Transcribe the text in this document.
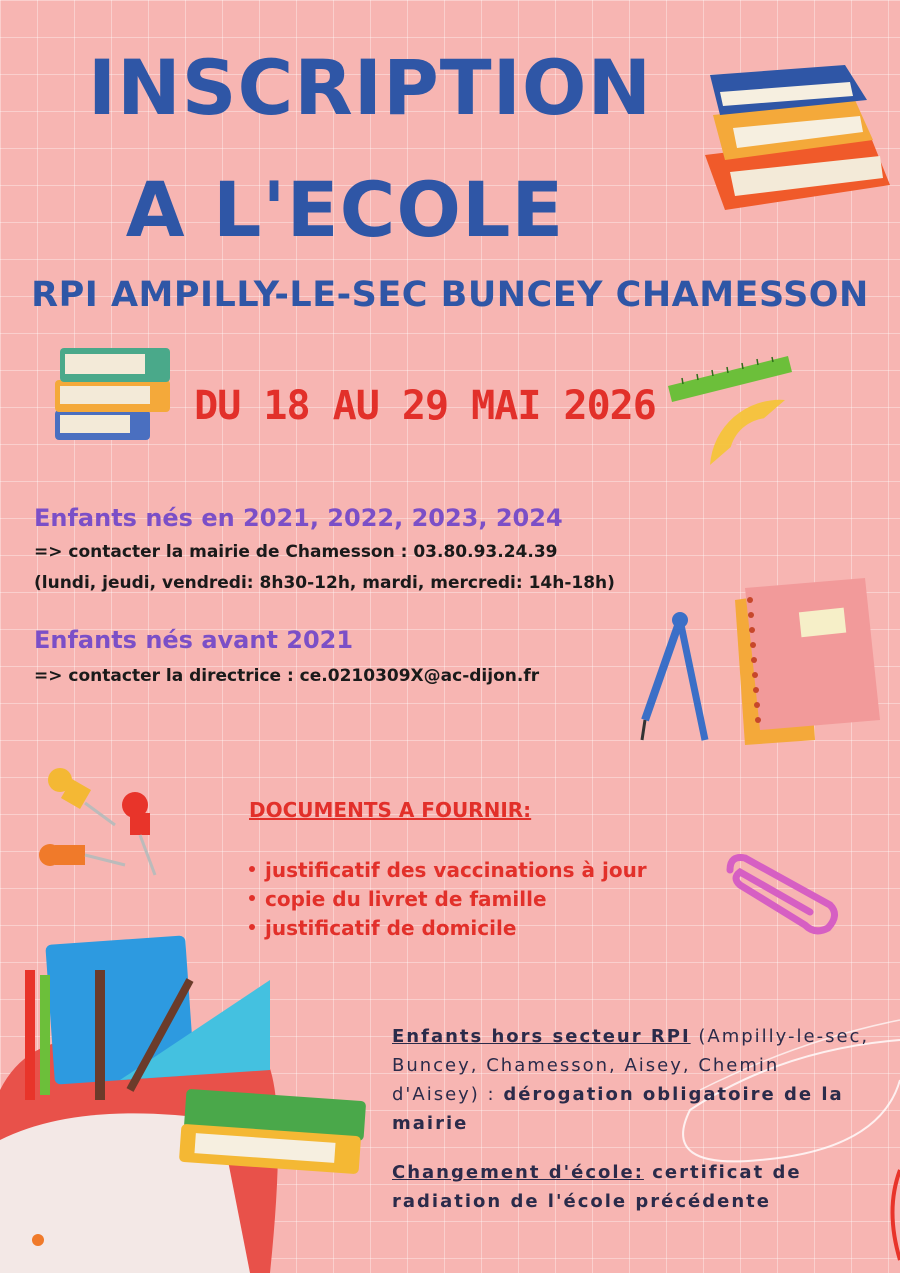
INSCRIPTION
A L'ECOLE
RPI AMPILLY-LE-SEC BUNCEY CHAMESSON
DU 18 AU 29 MAI 2026
Enfants nés en 2021, 2022, 2023, 2024
=> contacter la mairie de Chamesson : 03.80.93.24.39
(lundi, jeudi, vendredi: 8h30-12h, mardi, mercredi: 14h-18h)
Enfants nés avant 2021
=> contacter la directrice : ce.0210309X@ac-dijon.fr
DOCUMENTS A FOURNIR:
justificatif des vaccinations à jour
copie du livret de famille
justificatif de domicile
Enfants hors secteur RPI (Ampilly-le-sec, Buncey, Chamesson, Aisey, Chemin d'Aisey) : dérogation obligatoire de la mairie
Changement d'école: certificat de radiation de l'école précédente
